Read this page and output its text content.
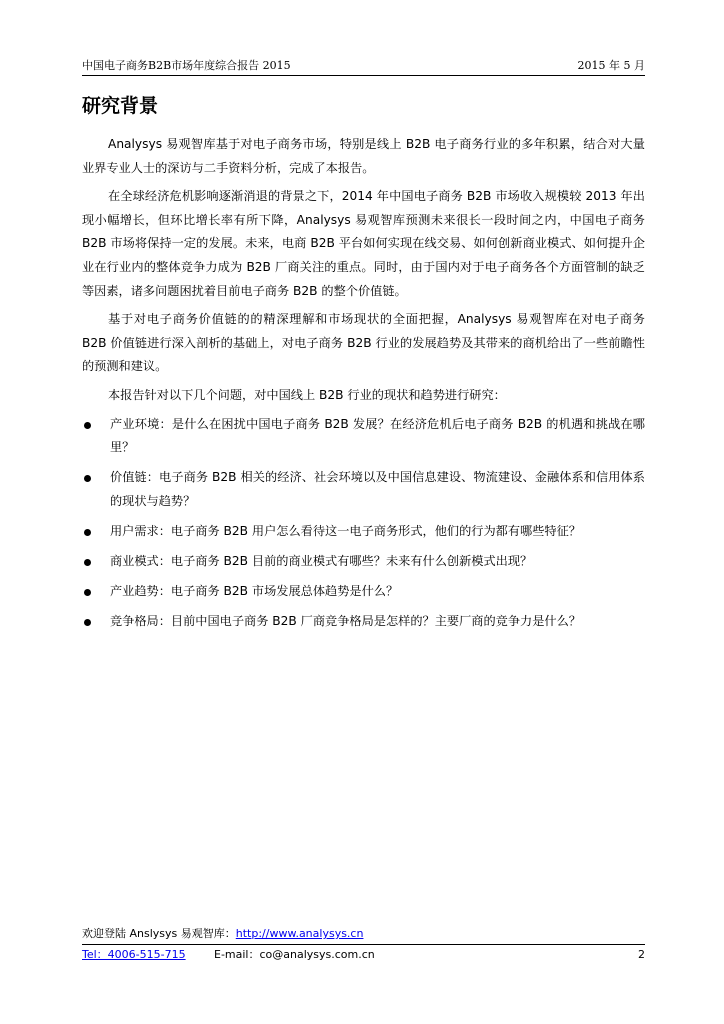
中国电子商务B2B市场年度综合报告 2015	2015 年 5 月
研究背景

Analysys 易观智库基于对电子商务市场，特别是线上 B2B 电子商务行业的多年积累，结合对大量业界专业人士的深访与二手资料分析，完成了本报告。

在全球经济危机影响逐渐消退的背景之下，2014 年中国电子商务 B2B 市场收入规模较 2013 年出现小幅增长，但环比增长率有所下降，Analysys 易观智库预测未来很长一段时间之内，中国电子商务 B2B 市场将保持一定的发展。未来，电商 B2B 平台如何实现在线交易、如何创新商业模式、如何提升企业在行业内的整体竞争力成为 B2B 厂商关注的重点。同时，由于国内对于电子商务各个方面管制的缺乏等因素，诸多问题困扰着目前电子商务 B2B 的整个价值链。

基于对电子商务价值链的的精深理解和市场现状的全面把握，Analysys 易观智库在对电子商务 B2B 价值链进行深入剖析的基础上，对电子商务 B2B 行业的发展趋势及其带来的商机给出了一些前瞻性的预测和建议。

本报告针对以下几个问题，对中国线上 B2B 行业的现状和趋势进行研究：

产业环境：是什么在困扰中国电子商务 B2B 发展？在经济危机后电子商务 B2B 的机遇和挑战在哪里？
价值链：电子商务 B2B 相关的经济、社会环境以及中国信息建设、物流建设、金融体系和信用体系的现状与趋势？
用户需求：电子商务 B2B 用户怎么看待这一电子商务形式，他们的行为都有哪些特征？
商业模式：电子商务 B2B 目前的商业模式有哪些？未来有什么创新模式出现？
产业趋势：电子商务 B2B 市场发展总体趋势是什么？
竞争格局：目前中国电子商务 B2B 厂商竞争格局是怎样的？主要厂商的竞争力是什么？
欢迎登陆 Anslysys 易观智库：http://www.analysys.cn
Tel：4006-515-715	E-mail：co@analysys.com.cn	2
